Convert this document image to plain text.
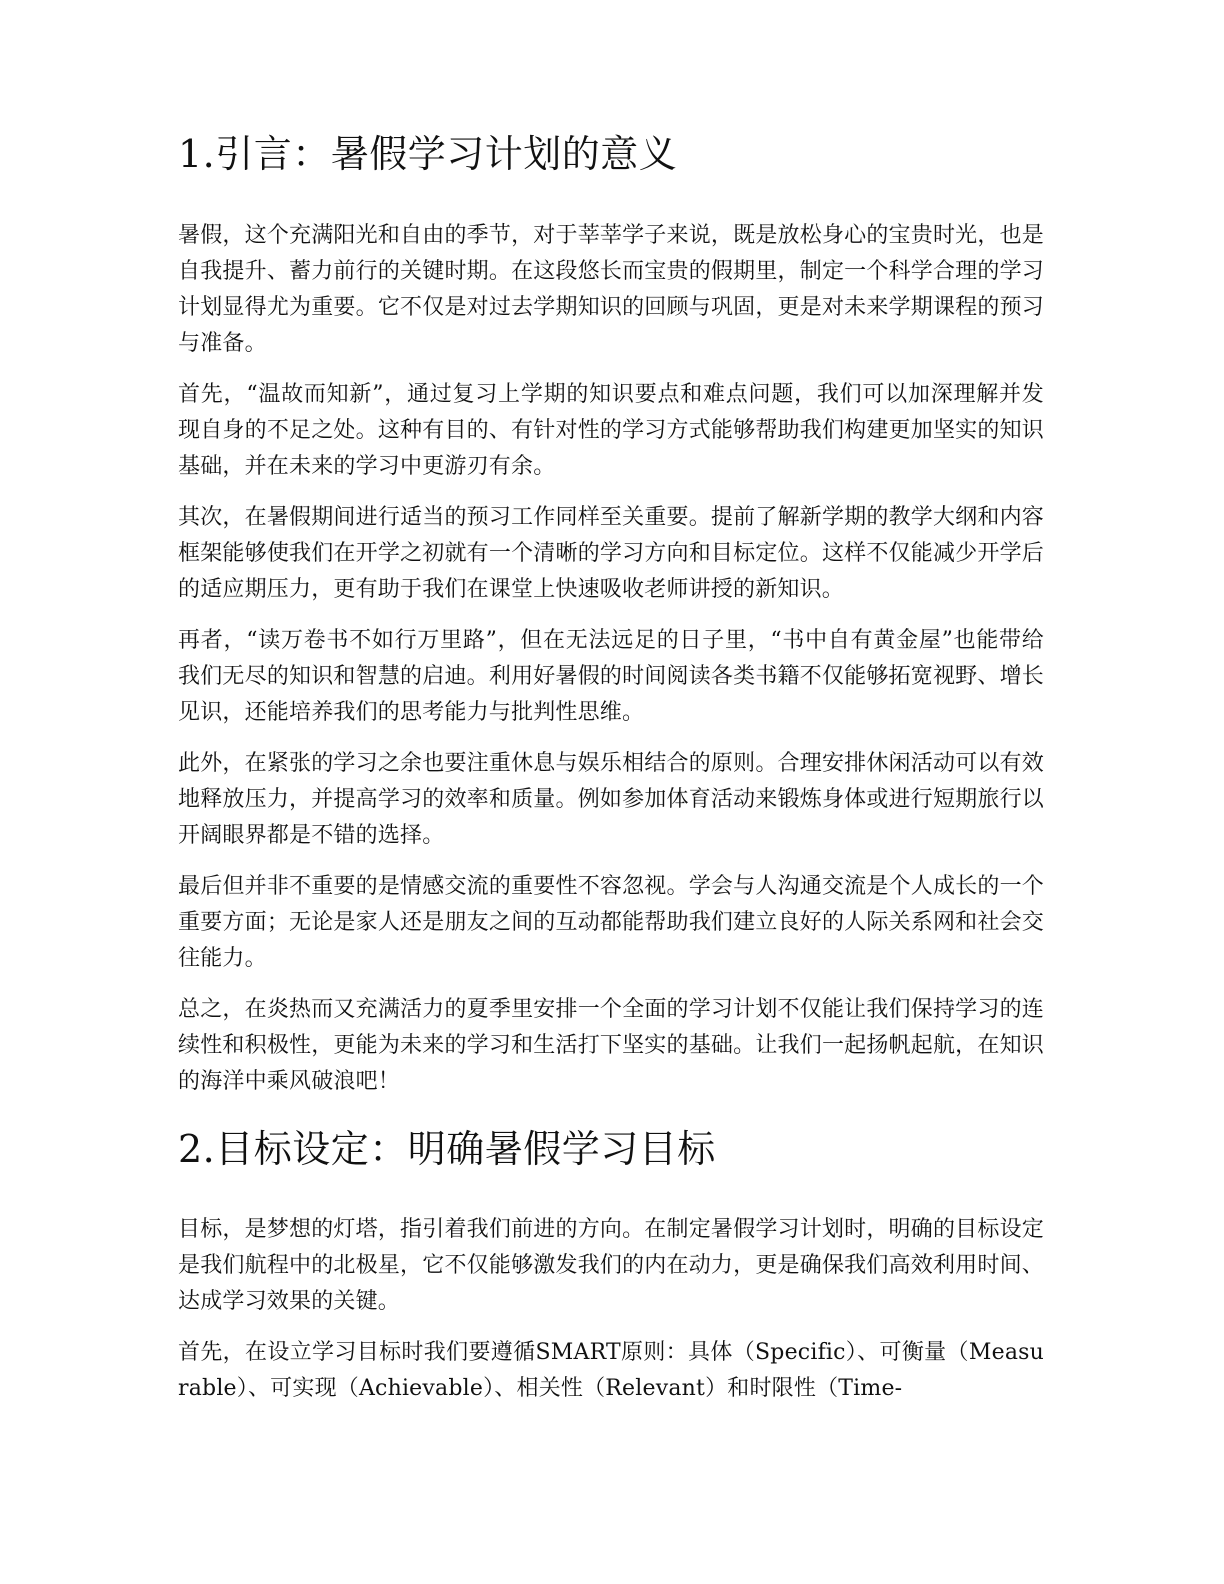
1.引言：暑假学习计划的意义

暑假，这个充满阳光和自由的季节，对于莘莘学子来说，既是放松身心的宝贵时光，也是自我提升、蓄力前行的关键时期。在这段悠长而宝贵的假期里，制定一个科学合理的学习计划显得尤为重要。它不仅是对过去学期知识的回顾与巩固，更是对未来学期课程的预习与准备。

首先，“温故而知新”，通过复习上学期的知识要点和难点问题，我们可以加深理解并发现自身的不足之处。这种有目的、有针对性的学习方式能够帮助我们构建更加坚实的知识基础，并在未来的学习中更游刃有余。

其次，在暑假期间进行适当的预习工作同样至关重要。提前了解新学期的教学大纲和内容框架能够使我们在开学之初就有一个清晰的学习方向和目标定位。这样不仅能减少开学后的适应期压力，更有助于我们在课堂上快速吸收老师讲授的新知识。

再者，“读万卷书不如行万里路”，但在无法远足的日子里，“书中自有黄金屋”也能带给我们无尽的知识和智慧的启迪。利用好暑假的时间阅读各类书籍不仅能够拓宽视野、增长见识，还能培养我们的思考能力与批判性思维。

此外，在紧张的学习之余也要注重休息与娱乐相结合的原则。合理安排休闲活动可以有效地释放压力，并提高学习的效率和质量。例如参加体育活动来锻炼身体或进行短期旅行以开阔眼界都是不错的选择。

最后但并非不重要的是情感交流的重要性不容忽视。学会与人沟通交流是个人成长的一个重要方面；无论是家人还是朋友之间的互动都能帮助我们建立良好的人际关系网和社会交往能力。

总之，在炎热而又充满活力的夏季里安排一个全面的学习计划不仅能让我们保持学习的连续性和积极性，更能为未来的学习和生活打下坚实的基础。让我们一起扬帆起航，在知识的海洋中乘风破浪吧！

2.目标设定：明确暑假学习目标

目标，是梦想的灯塔，指引着我们前进的方向。在制定暑假学习计划时，明确的目标设定是我们航程中的北极星，它不仅能够激发我们的内在动力，更是确保我们高效利用时间、达成学习效果的关键。

首先，在设立学习目标时我们要遵循SMART原则：具体（Specific）、可衡量（Measurable）、可实现（Achievable）、相关性（Relevant）和时限性（Time-
